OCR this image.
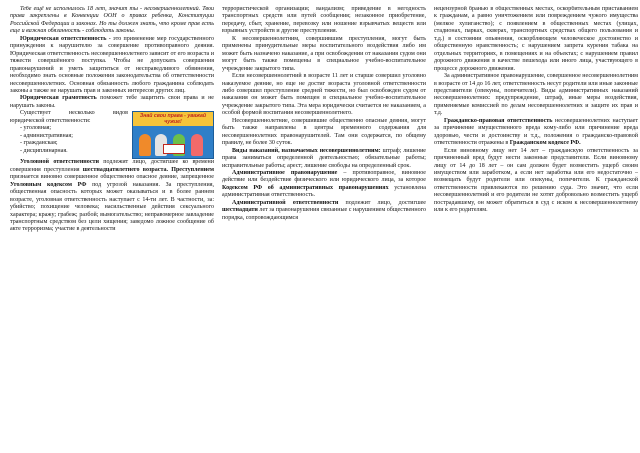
Тебе ещё не исполнилось 18 лет, значит ты - несовершеннолетний. Твои права закреплены в Конвенции ООН о правах ребенка, Конституции Российской Федерации и законах. Но ты должен знать, что кроме прав есть еще и важная обязанность - соблюдать законы.

Юридическая ответственность - это применение мер государственного принуждения к нарушителю за совершение противоправного деяния. Юридическая ответственность несовершеннолетнего зависит от его возраста и тяжести совершённого поступка. Чтобы не допускать совершения правонарушений и уметь защититься от несправедливого обвинения, необходимо знать основные положения законодательства об ответственности несовершеннолетних. Основная обязанность любого гражданина соблюдать законы а также не нарушать прав и законных интересов других лиц.

Юридическая грамотность поможет тебе защитить свои права и не нарушать законы.

Существует несколько видов юридической ответственности:

- уголовная;
- административная;
- гражданская;
- дисциплинарная.
Знай свои права - уважай чужие!

Уголовной ответственности подлежит лицо, достигшее ко времени совершения преступления шестнадцатилетнего возраста. Преступлением признается виновно совершенное общественно опасное деяние, запрещенное Уголовным кодексом РФ под угрозой наказания. За преступления, общественная опасность которых может оказываться и в более раннем возрасте, уголовная ответственность наступает с 14-ти лет. В частности, за: убийство; похищение человека; насильственные действия сексуального характера; кражу; грабеж; разбой; вымогательство; неправомерное завладение транспортным средством без цели хищения; заведомо ложное сообщение об акте терроризма; участие в деятельности

террористической организации; вандализм; приведение в негодность транспортных средств или путей сообщения; незаконное приобретение, передачу, сбыт, хранение, перевозку или ношение взрывчатых веществ или взрывных устройств и другие преступления.

К несовершеннолетним, совершившим преступления, могут быть применены принудительные меры воспитательного воздействия либо им может быть назначено наказание, а при освобождении от наказания судом они могут быть также помещены в специальное учебно-воспитательное учреждение закрытого типа.

Если несовершеннолетний в возрасте 11 лет и старше совершил уголовно наказуемое деяние, но еще не достиг возраста уголовной ответственности либо совершил преступление средней тяжести, но был освобожден судом от наказания он может быть помещен в специальное учебно-воспитательное учреждение закрытого типа. Эта мера юридически считается не наказанием, а особой формой воспитания несовершеннолетнего.

Несовершеннолетние, совершившие общественно опасные деяния, могут быть также направлены в центры временного содержания для несовершеннолетних правонарушителей. Там они содержатся, по общему правилу, не более 30 суток.

Виды наказаний, назначаемых несовершеннолетним: штраф; лишение права заниматься определенной деятельностью; обязательные работы; исправительные работы; арест; лишение свободы на определенный срок.

Административное правонарушение – противоправное, виновное действие или бездействие физического или юридического лица, за которое Кодексом РФ об административных правонарушениях установлена административная ответственность.

Административной ответственности подлежит лицо, достигшее шестнадцати лет за правонарушения связанные с нарушением общественного порядка, сопровождающимся

нецензурной бранью в общественных местах, оскорбительным приставанием к гражданам, а равно уничтожением или повреждением чужого имущества (мелкое хулиганство); с появлением в общественных местах (улицах, стадионах, парках, скверах, транспортных средствах общего пользования и т.д.) в состоянии опьянения, оскорбляющем человеческое достоинство и общественную нравственность; с нарушением запрета курения табака на отдельных территориях, в помещениях и на объектах; с нарушением правил дорожного движения в качестве пешехода или иного лица, участвующего в процессе дорожного движения.

За административное правонарушение, совершенное несовершеннолетним в возрасте от 14 до 16 лет, ответственность несут родители или иные законные представители (опекуны, попечители). Виды административных наказаний несовершеннолетних: предупреждение, штраф, иные меры воздействия, применяемые комиссией по делам несовершеннолетних и защите их прав и т.д.

Гражданско-правовая ответственность несовершеннолетних наступает за причинение имущественного вреда кому-либо или причинение вреда здоровью, чести и достоинству и т.д., положения о гражданско-правовой ответственности отражены в Гражданском кодексе РФ.

Если виновному лицу нет 14 лет – гражданскую ответственность за причиненный вред будут нести законные представители. Если виновному лицу от 14 до 18 лет – он сам должен будет возместить ущерб своим имуществом или заработком, а если нет заработка или его недостаточно – возмещать будут родители или опекуны, попечители. К гражданской ответственности привлекаются по решению суда. Это значит, что если несовершеннолетний и его родители не хотят добровольно возместить ущерб пострадавшему, он может обратиться в суд с иском к несовершеннолетнему или к его родителям.
